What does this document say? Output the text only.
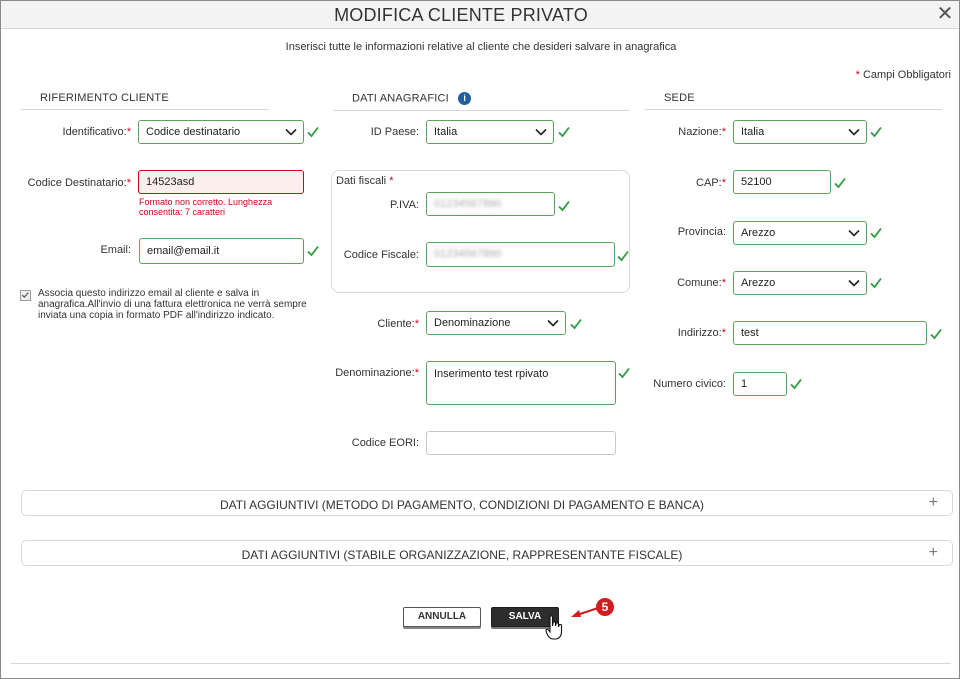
MODIFICA CLIENTE PRIVATO	✕
Inserisci tutte le informazioni relative al cliente che desideri salvare in anagrafica
* Campi Obbligatori
RIFERIMENTO CLIENTE	DATI ANAGRAFICI i	SEDE
Identificativo:*	Codice destinatario
Codice Destinatario:*	14523asd
Formato non corretto. Lunghezza consentita: 7 caratteri
Email:	email@email.it
Associa questo indirizzo email al cliente e salva in anagrafica.All'invio di una fattura elettronica ne verrà sempre inviata una copia in formato PDF all'indirizzo indicato.
ID Paese:	Italia
Dati fiscali *
P.IVA:	01234567890
Codice Fiscale:	01234567890
Cliente:*	Denominazione
Denominazione:*	Inserimento test rpivato
Codice EORI:
Nazione:*	Italia
CAP:*	52100
Provincia:	Arezzo
Comune:*	Arezzo
Indirizzo:*	test
Numero civico:	1
DATI AGGIUNTIVI (METODO DI PAGAMENTO, CONDIZIONI DI PAGAMENTO E BANCA)	+
DATI AGGIUNTIVI (STABILE ORGANIZZAZIONE, RAPPRESENTANTE FISCALE)	+
ANNULLA	SALVA
5
